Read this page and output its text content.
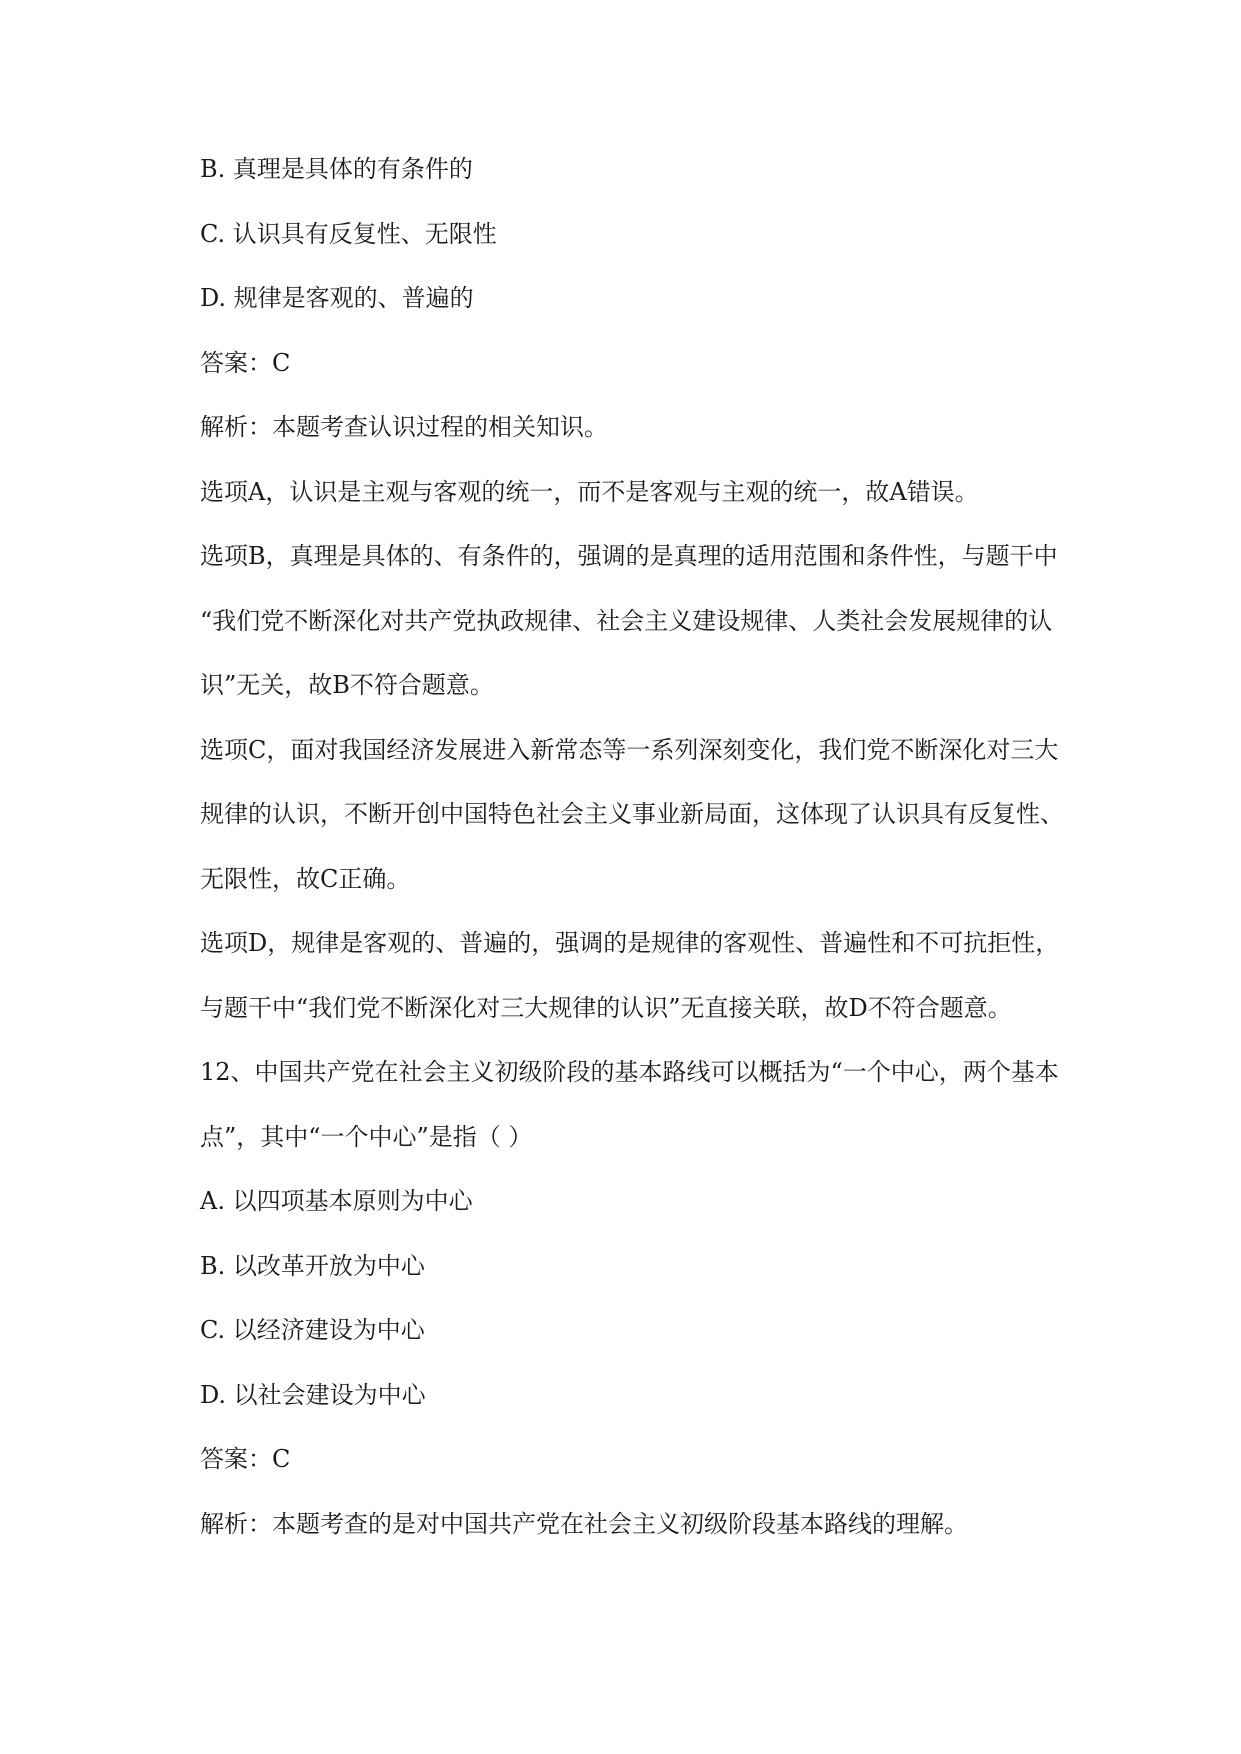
B. 真理是具体的有条件的

C. 认识具有反复性、无限性

D. 规律是客观的、普遍的

答案：C

解析：本题考查认识过程的相关知识。

选项A，认识是主观与客观的统一，而不是客观与主观的统一，故A错误。

选项B，真理是具体的、有条件的，强调的是真理的适用范围和条件性，与题干中

“我们党不断深化对共产党执政规律、社会主义建设规律、人类社会发展规律的认

识”无关，故B不符合题意。

选项C，面对我国经济发展进入新常态等一系列深刻变化，我们党不断深化对三大

规律的认识，不断开创中国特色社会主义事业新局面，这体现了认识具有反复性、

无限性，故C正确。

选项D，规律是客观的、普遍的，强调的是规律的客观性、普遍性和不可抗拒性，

与题干中“我们党不断深化对三大规律的认识”无直接关联，故D不符合题意。

12、中国共产党在社会主义初级阶段的基本路线可以概括为“一个中心，两个基本

点”，其中“一个中心”是指（ ）

A. 以四项基本原则为中心

B. 以改革开放为中心

C. 以经济建设为中心

D. 以社会建设为中心

答案：C

解析：本题考查的是对中国共产党在社会主义初级阶段基本路线的理解。
